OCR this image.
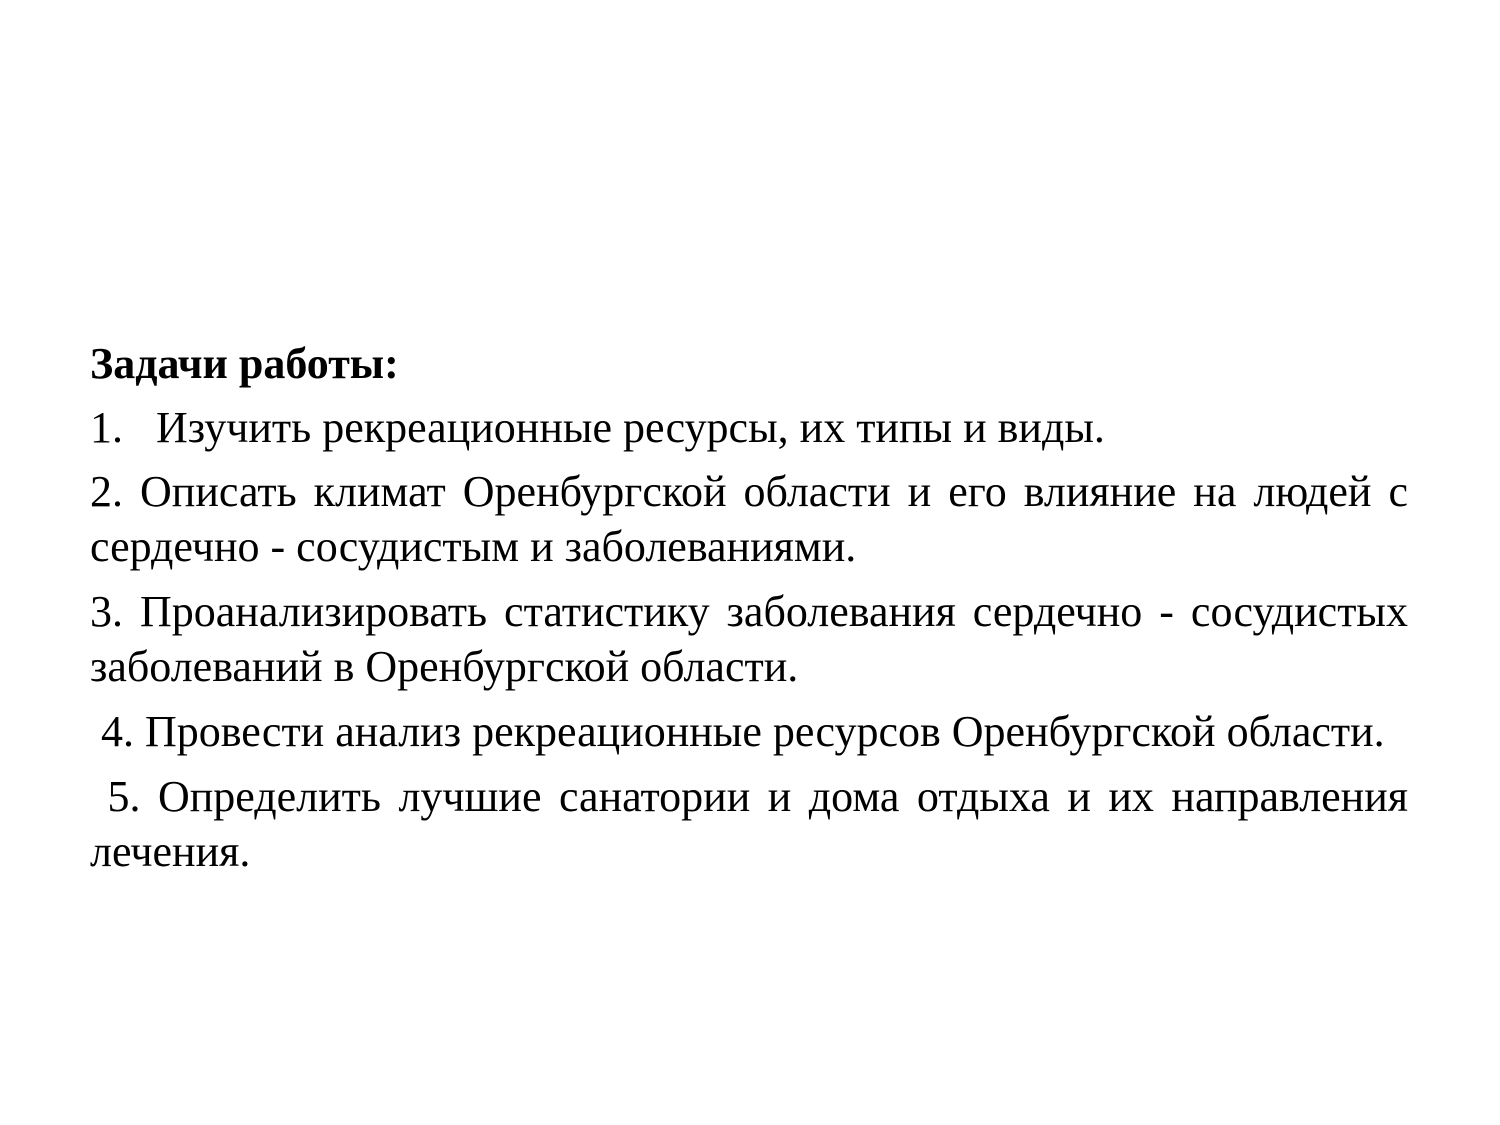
Задачи работы:

1.   Изучить рекреационные ресурсы, их типы и виды.

2. Описать климат Оренбургской области и его влияние на людей с сердечно - сосудистым и заболеваниями.

3. Проанализировать статистику заболевания сердечно - сосудистых заболеваний в Оренбургской области.

4. Провести анализ рекреационные ресурсов Оренбургской области.

5. Определить лучшие санатории и дома отдыха и их направления лечения.
